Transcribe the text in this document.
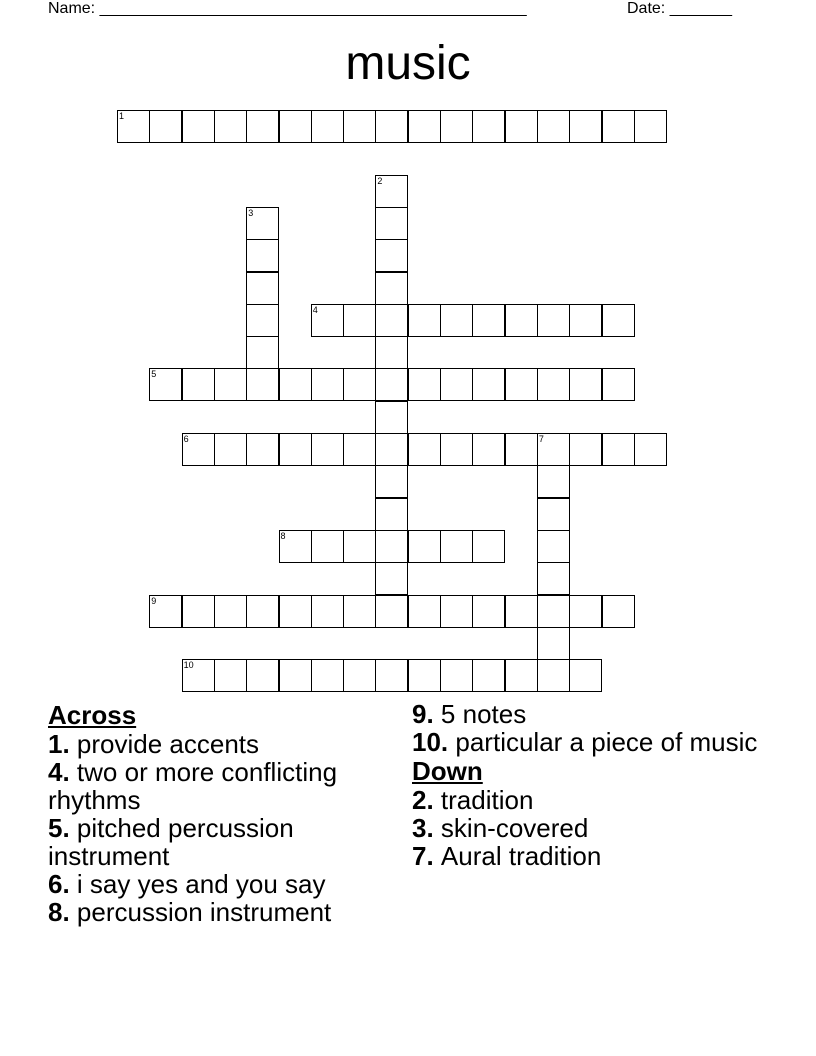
Name: ________________________________________________	Date: _______
music
1
2
3
4
5
6	7
8
9
10
Across

1. provide accents

4. two or more conflicting rhythms

5. pitched percussion instrument

6. i say yes and you say

8. percussion instrument

9. 5 notes

10. particular a piece of music

Down

2. tradition

3. skin-covered

7. Aural tradition
